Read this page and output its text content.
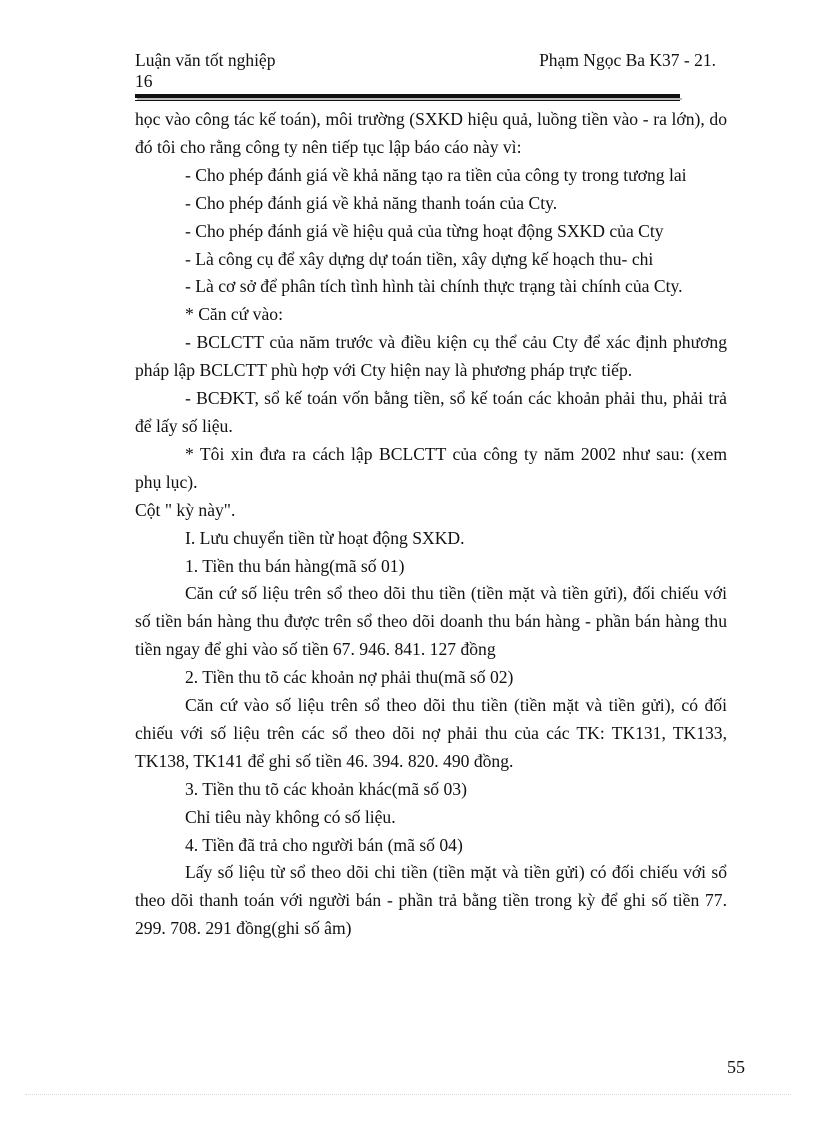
Luận văn tốt nghiệp	Phạm Ngọc Ba K37 - 21.
16

học vào công tác kế toán), môi trường (SXKD hiệu quả, luồng tiền vào - ra lớn), do đó tôi cho rằng công ty nên tiếp tục lập báo cáo này vì:

- Cho phép đánh giá về khả năng tạo ra tiền của công ty trong tương lai

- Cho phép đánh giá về khả năng thanh toán của Cty.

- Cho phép đánh giá về hiệu quả của từng hoạt động SXKD của Cty

- Là công cụ để xây dựng dự toán tiền, xây dựng kế hoạch thu- chi

- Là cơ sở để phân tích tình hình tài chính thực trạng tài chính của Cty.

* Căn cứ vào:

- BCLCTT của năm trước và điều kiện cụ thể cảu Cty để xác định phương pháp lập BCLCTT phù hợp với Cty hiện nay là phương pháp trực tiếp.

- BCĐKT, sổ kế toán vốn bằng tiền, sổ kế toán các khoản phải thu, phải trả để lấy số liệu.

* Tôi xin đưa ra cách lập BCLCTT của công ty năm 2002 như sau: (xem phụ lục).

Cột " kỳ này".

I. Lưu chuyển tiền từ hoạt động SXKD.

1. Tiền thu bán hàng(mã số 01)

Căn cứ số liệu trên sổ theo dõi thu tiền (tiền mặt và tiền gửi), đối chiếu với số tiền bán hàng thu được trên sổ theo dõi doanh thu bán hàng - phần bán hàng thu tiền ngay để ghi vào số tiền 67. 946. 841. 127 đồng

2. Tiền thu tõ các khoản nợ phải thu(mã số 02)

Căn cứ vào số liệu trên sổ theo dõi thu tiền (tiền mặt và tiền gửi), có đối chiếu với số liệu trên các sổ theo dõi nợ phải thu của các TK: TK131, TK133, TK138, TK141 để ghi số tiền 46. 394. 820. 490 đồng.

3. Tiền thu tõ các khoản khác(mã số 03)

Chỉ tiêu này không có số liệu.

4. Tiền đã trả cho người bán (mã số 04)

Lấy số liệu từ sổ theo dõi chi tiền (tiền mặt và tiền gửi) có đối chiếu với sổ theo dõi thanh toán với người bán - phần trả bằng tiền trong kỳ để ghi số tiền 77. 299. 708. 291 đồng(ghi số âm)

55
